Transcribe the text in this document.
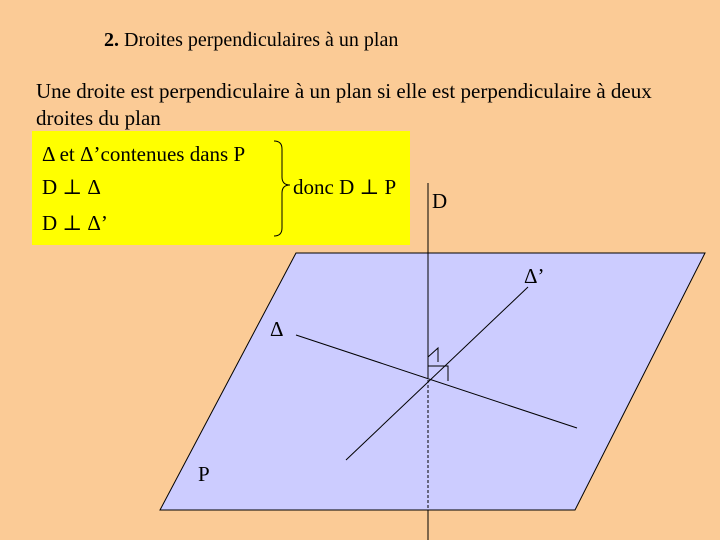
2. Droites perpendiculaires à un plan
Une droite est perpendiculaire à un plan si elle est perpendiculaire à deux droites du plan
Δ et Δ’contenues dans P
D ⊥ Δ
D ⊥ Δ’
donc D ⊥ P
D
Δ’
Δ
P
